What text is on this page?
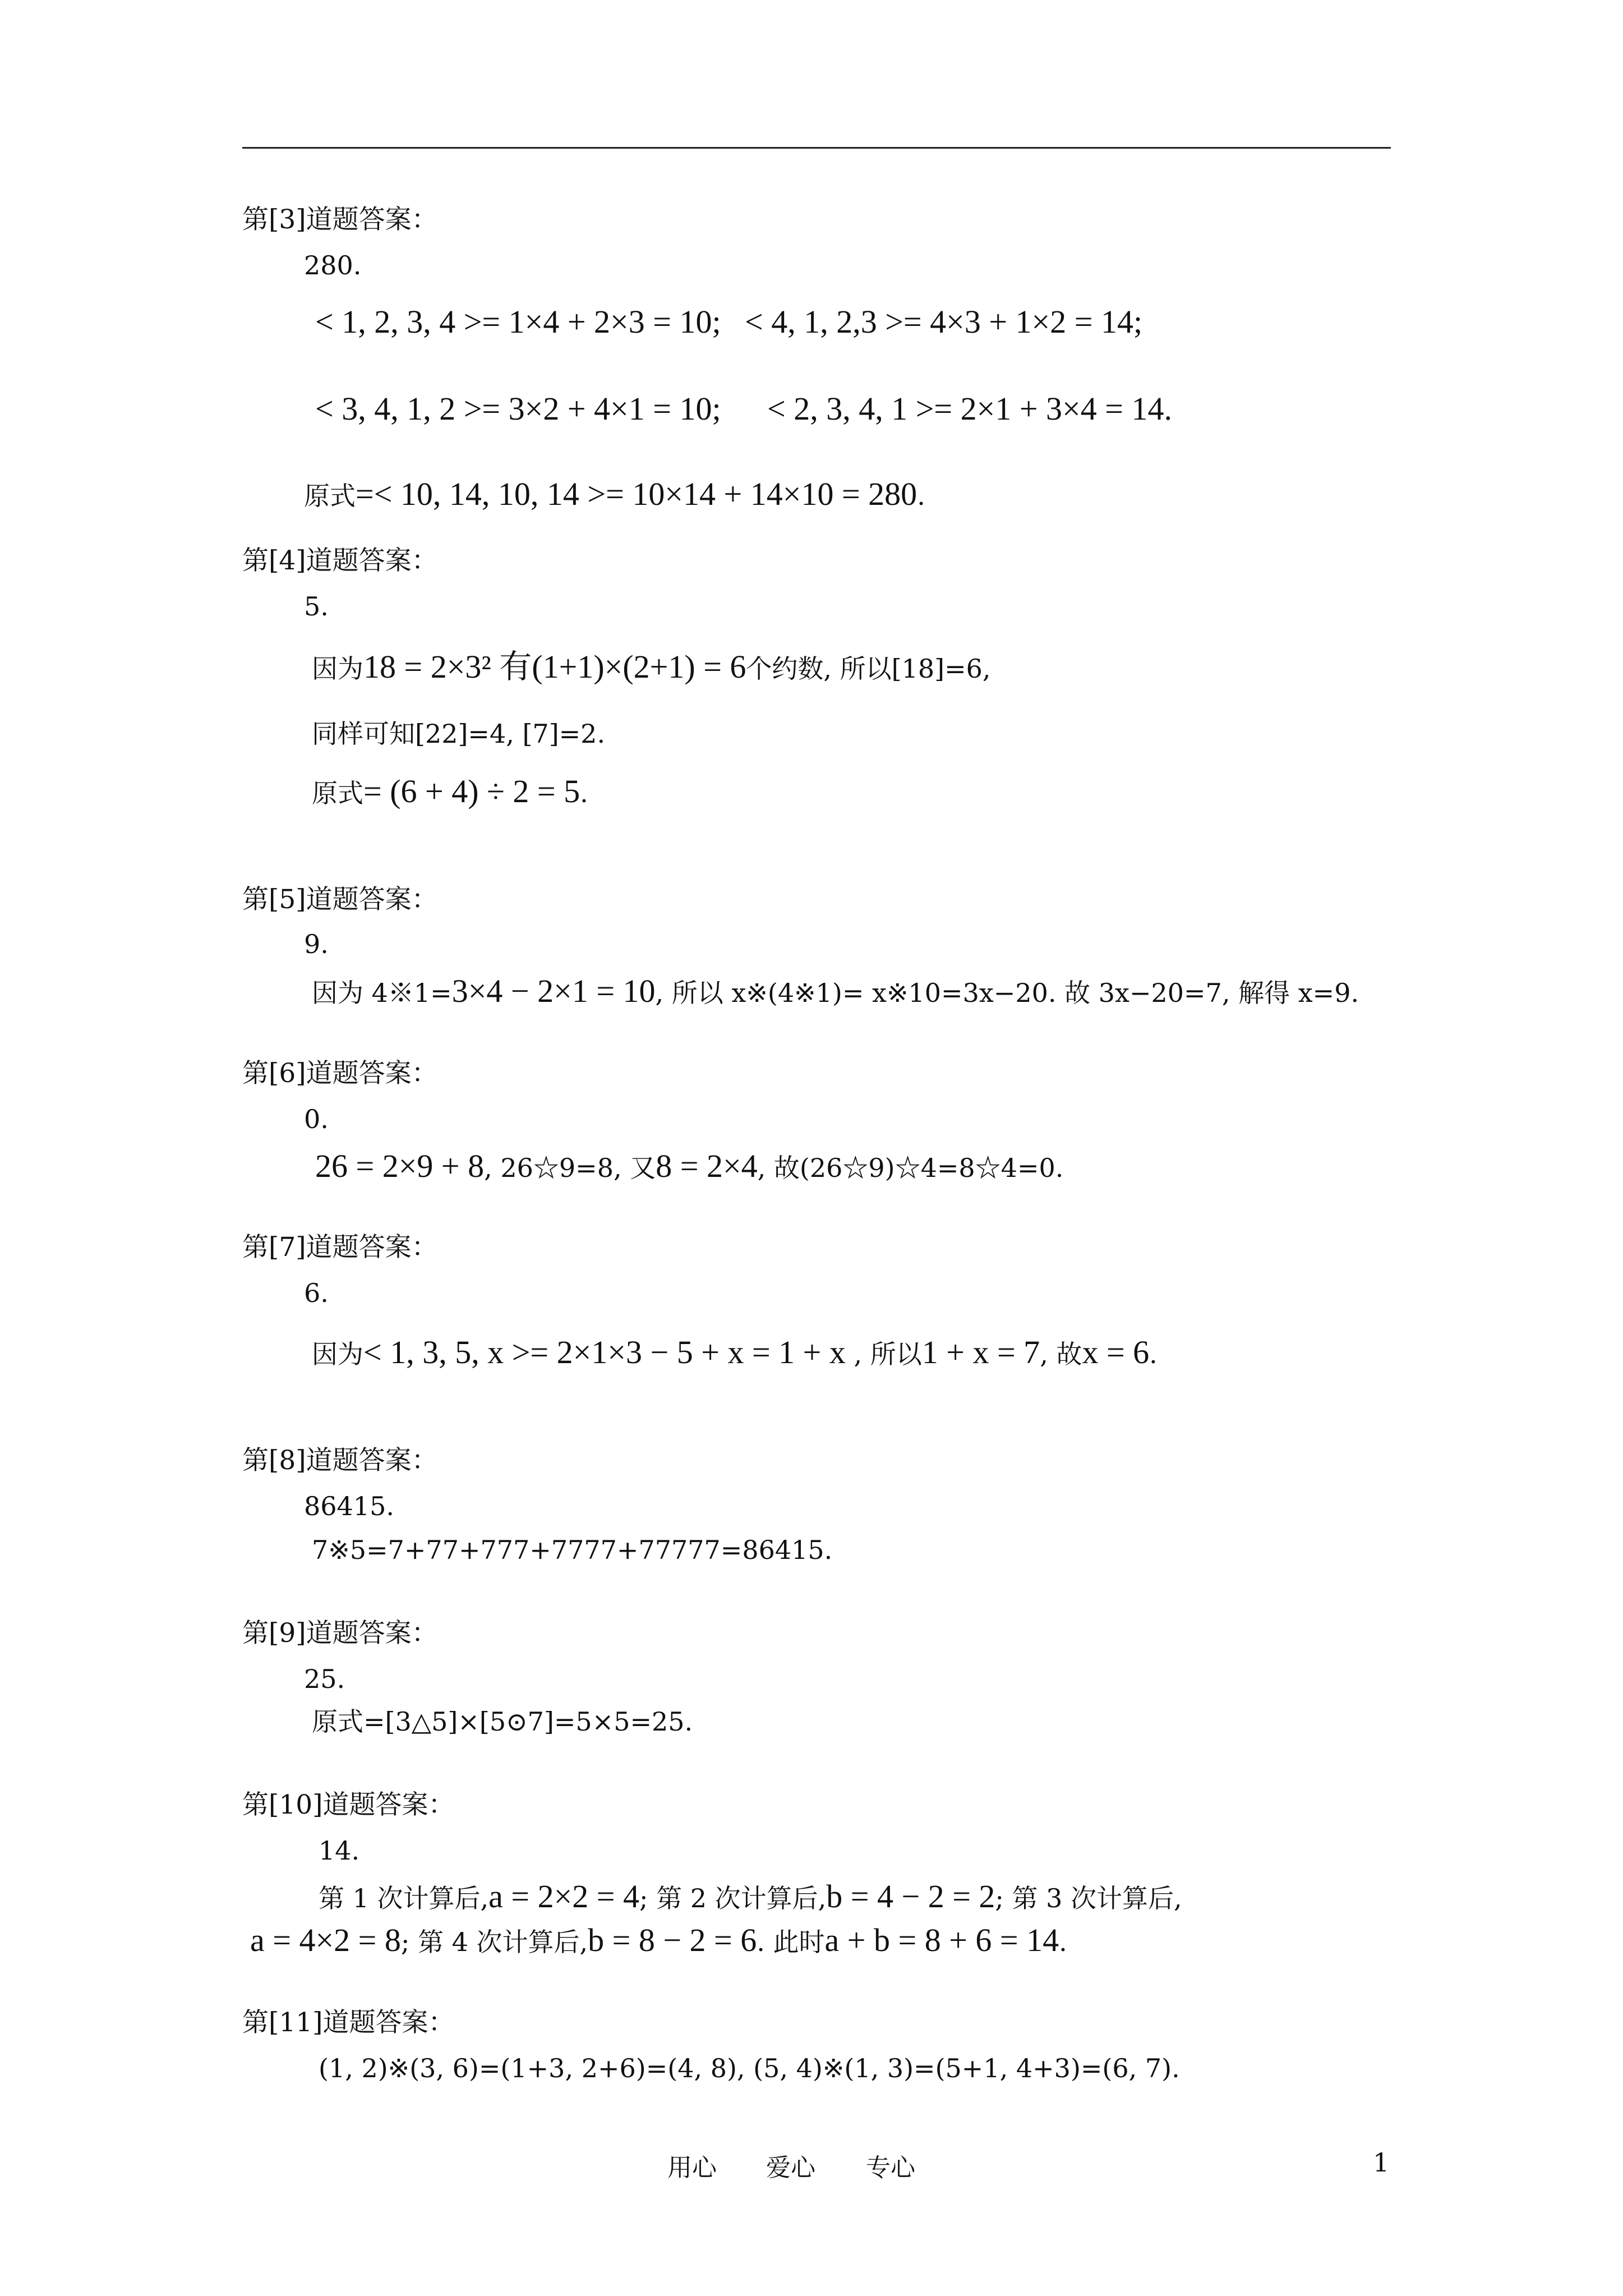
第[3]道题答案：
280.
< 1, 2, 3, 4 >= 1×4 + 2×3 = 10; < 4, 1, 2,3 >= 4×3 + 1×2 = 14;
< 3, 4, 1, 2 >= 3×2 + 4×1 = 10; < 2, 3, 4, 1 >= 2×1 + 3×4 = 14.
原式=< 10, 14, 10, 14 >= 10×14 + 14×10 = 280.
第[4]道题答案：
5.
因为18 = 2×3² 有(1+1)×(2+1) = 6个约数, 所以[18]=6,
同样可知[22]=4, [7]=2.
原式= (6 + 4) ÷ 2 = 5.
第[5]道题答案：
9.
因为 4※1=3×4 − 2×1 = 10, 所以 x※(4※1)= x※10=3x−20. 故 3x−20=7, 解得 x=9.
第[6]道题答案：
0.
26 = 2×9 + 8, 26☆9=8, 又8 = 2×4, 故(26☆9)☆4=8☆4=0.
第[7]道题答案：
6.
因为< 1, 3, 5, x >= 2×1×3 − 5 + x = 1 + x , 所以1 + x = 7, 故x = 6.
第[8]道题答案：
86415.
7※5=7+77+777+7777+77777=86415.
第[9]道题答案：
25.
原式=[3△5]×[5⊙7]=5×5=25.
第[10]道题答案：
14.
第 1 次计算后,a = 2×2 = 4; 第 2 次计算后,b = 4 − 2 = 2; 第 3 次计算后,
a = 4×2 = 8; 第 4 次计算后,b = 8 − 2 = 6. 此时a + b = 8 + 6 = 14.
第[11]道题答案：
(1, 2)※(3, 6)=(1+3, 2+6)=(4, 8), (5, 4)※(1, 3)=(5+1, 4+3)=(6, 7).
用心 爱心 专心	1
